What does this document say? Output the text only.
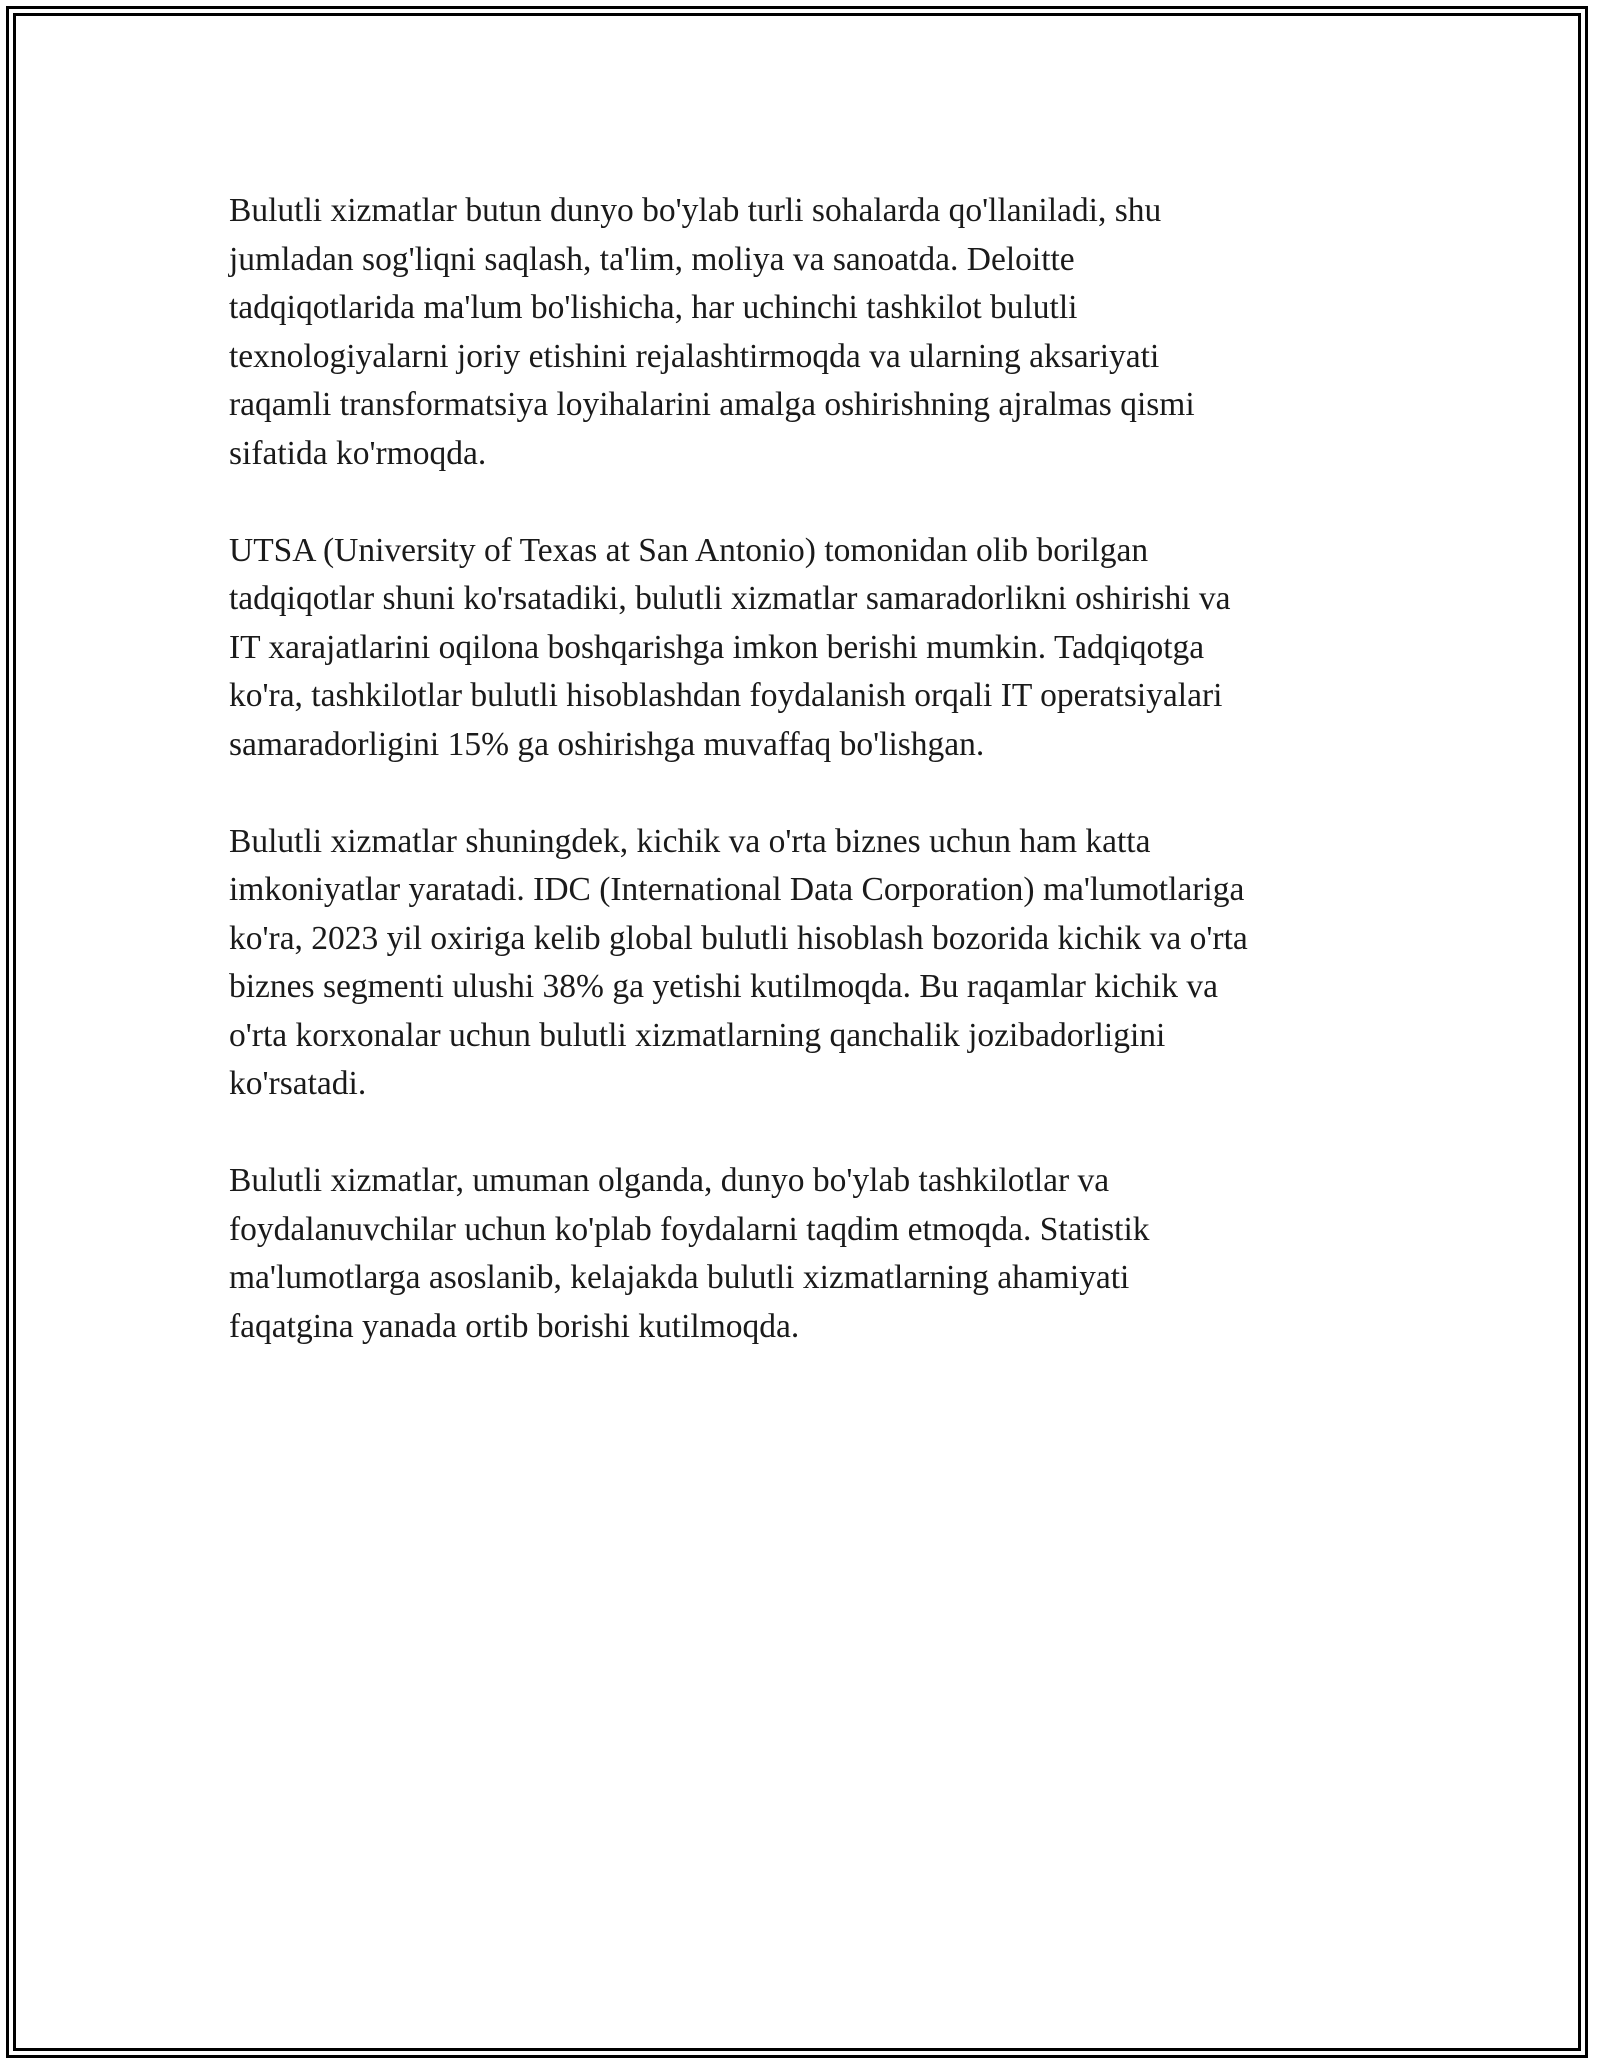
Bulutli xizmatlar butun dunyo bo'ylab turli sohalarda qo'llaniladi, shu
jumladan sog'liqni saqlash, ta'lim, moliya va sanoatda. Deloitte
tadqiqotlarida ma'lum bo'lishicha, har uchinchi tashkilot bulutli
texnologiyalarni joriy etishini rejalashtirmoqda va ularning aksariyati
raqamli transformatsiya loyihalarini amalga oshirishning ajralmas qismi
sifatida ko'rmoqda.

UTSA (University of Texas at San Antonio) tomonidan olib borilgan
tadqiqotlar shuni ko'rsatadiki, bulutli xizmatlar samaradorlikni oshirishi va
IT xarajatlarini oqilona boshqarishga imkon berishi mumkin. Tadqiqotga
ko'ra, tashkilotlar bulutli hisoblashdan foydalanish orqali IT operatsiyalari
samaradorligini 15% ga oshirishga muvaffaq bo'lishgan.

Bulutli xizmatlar shuningdek, kichik va o'rta biznes uchun ham katta
imkoniyatlar yaratadi. IDC (International Data Corporation) ma'lumotlariga
ko'ra, 2023 yil oxiriga kelib global bulutli hisoblash bozorida kichik va o'rta
biznes segmenti ulushi 38% ga yetishi kutilmoqda. Bu raqamlar kichik va
o'rta korxonalar uchun bulutli xizmatlarning qanchalik jozibadorligini
ko'rsatadi.

Bulutli xizmatlar, umuman olganda, dunyo bo'ylab tashkilotlar va
foydalanuvchilar uchun ko'plab foydalarni taqdim etmoqda. Statistik
ma'lumotlarga asoslanib, kelajakda bulutli xizmatlarning ahamiyati
faqatgina yanada ortib borishi kutilmoqda.
